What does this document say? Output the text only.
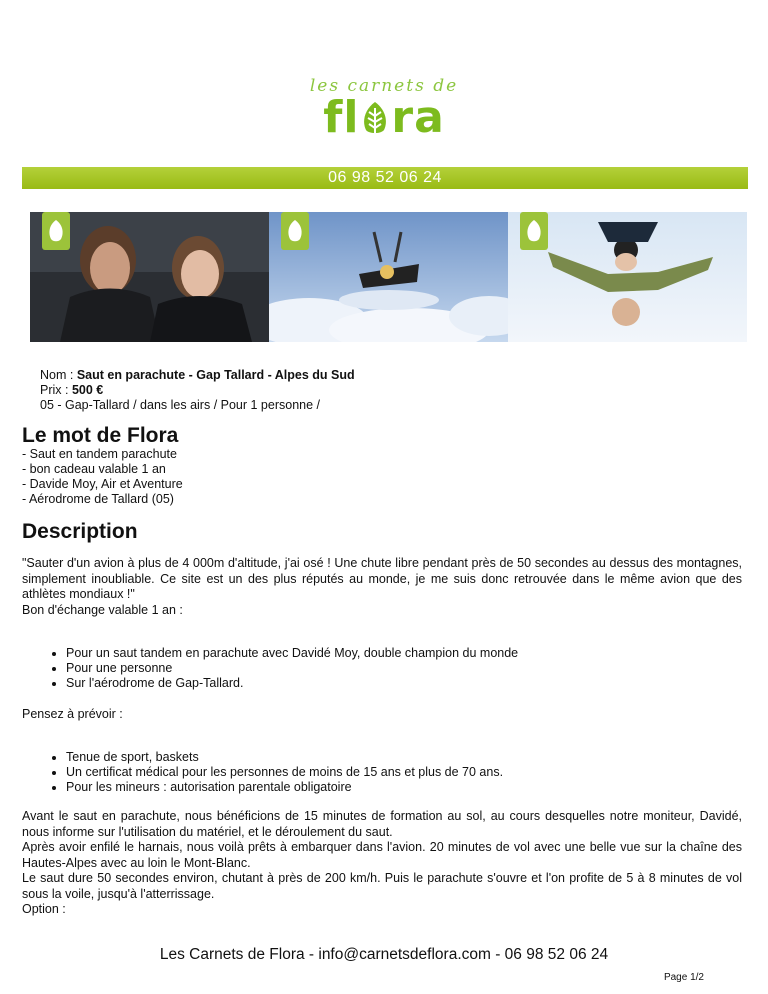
les carnets de
fl ra
06 98 52 06 24
Nom : Saut en parachute - Gap Tallard - Alpes du Sud
Prix : 500 €
05 - Gap-Tallard / dans les airs / Pour 1 personne /
Le mot de Flora
- Saut en tandem parachute
- bon cadeau valable 1 an
- Davide Moy, Air et Aventure
- Aérodrome de Tallard (05)
Description
"Sauter d'un avion à plus de 4 000m d'altitude, j'ai osé ! Une chute libre pendant près de 50 secondes au dessus des montagnes, simplement inoubliable. Ce site est un des plus réputés au monde, je me suis donc retrouvée dans le même avion que des athlètes mondiaux !"
Bon d'échange valable 1 an :
• Pour un saut tandem en parachute avec Davidé Moy, double champion du monde
• Pour une personne
• Sur l'aérodrome de Gap-Tallard.
Pensez à prévoir :
• Tenue de sport, baskets
• Un certificat médical pour les personnes de moins de 15 ans et plus de 70 ans.
• Pour les mineurs : autorisation parentale obligatoire
Avant le saut en parachute, nous bénéficions de 15 minutes de formation au sol, au cours desquelles notre moniteur, Davidé, nous informe sur l'utilisation du matériel, et le déroulement du saut.
Après avoir enfilé le harnais, nous voilà prêts à embarquer dans l'avion. 20 minutes de vol avec une belle vue sur la chaîne des Hautes-Alpes avec au loin le Mont-Blanc.
Le saut dure 50 secondes environ, chutant à près de 200 km/h. Puis le parachute s'ouvre et l'on profite de 5 à 8 minutes de vol sous la voile, jusqu'à l'atterrissage.
Option :
Les Carnets de Flora - info@carnetsdeflora.com - 06 98 52 06 24
Page 1/2
